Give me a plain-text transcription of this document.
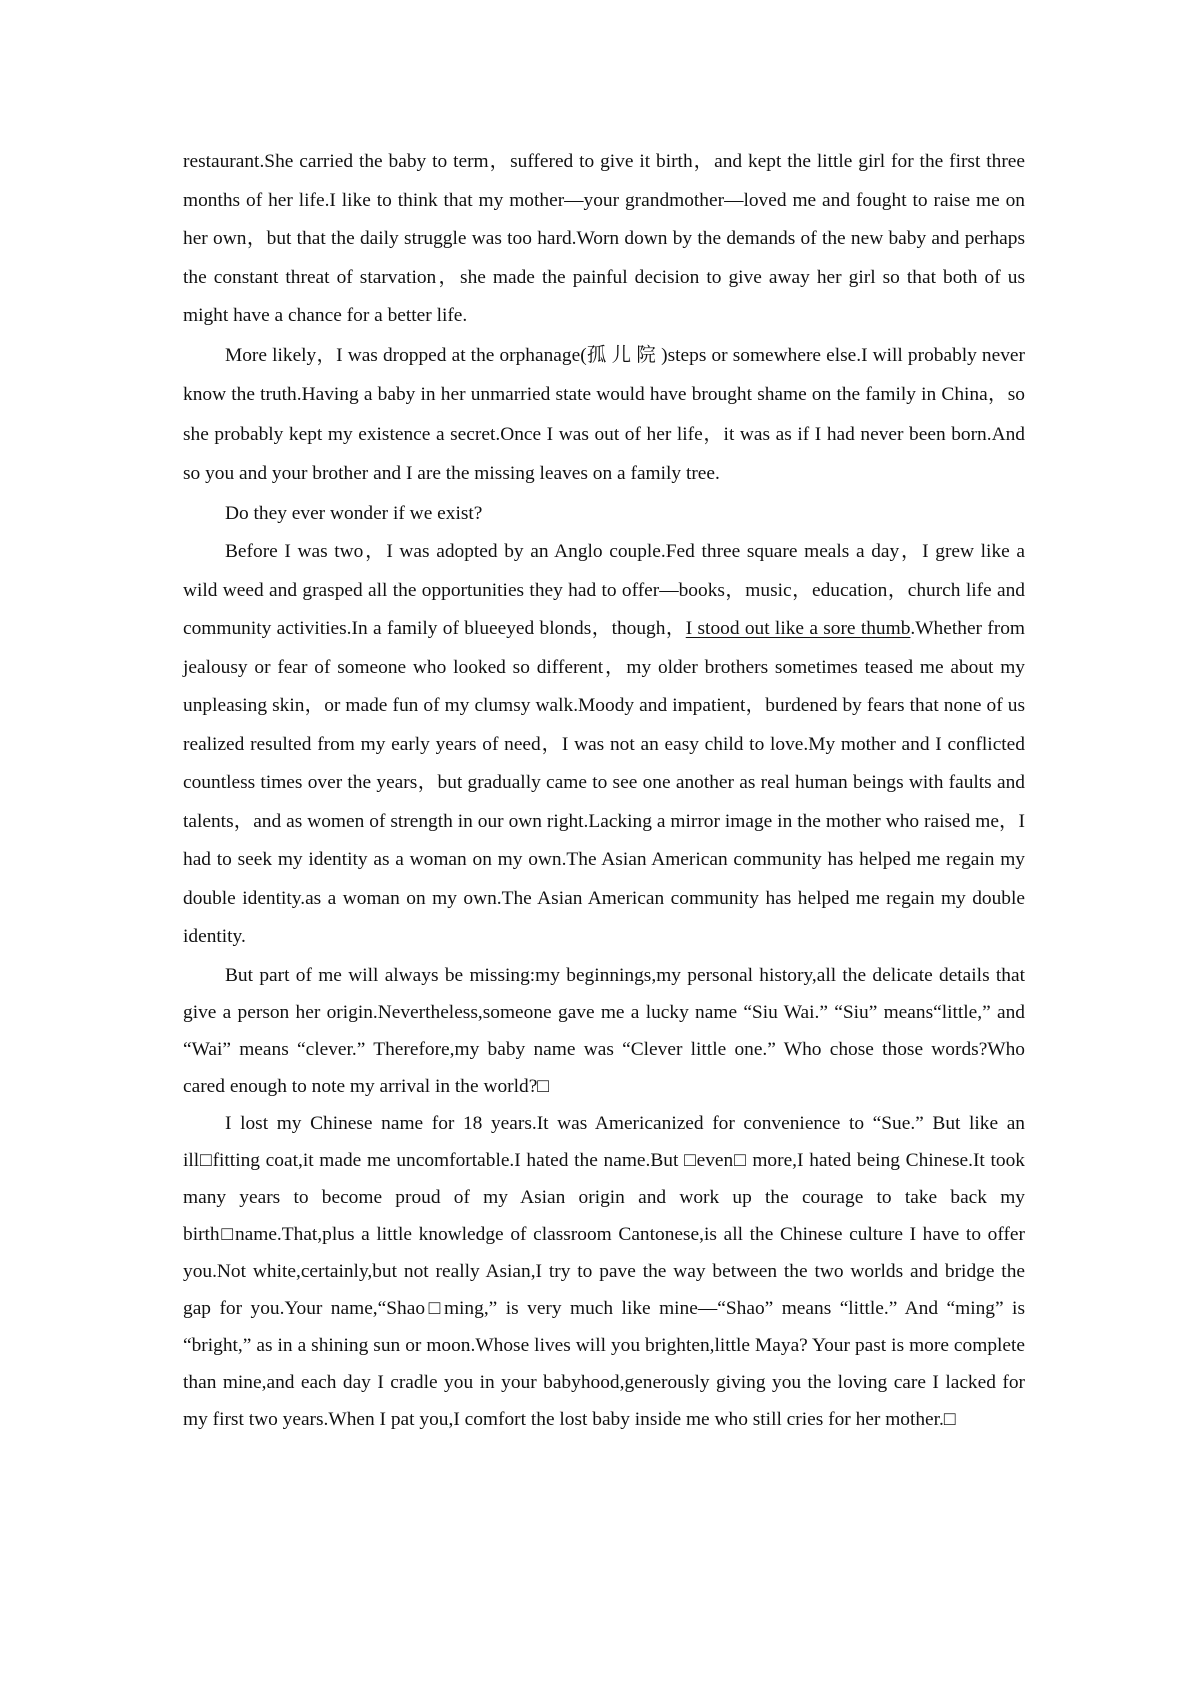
restaurant.She carried the baby to term，suffered to give it birth，and kept the little girl for the first three months of her life.I like to think that my mother—your grandmother—loved me and fought to raise me on her own，but that the daily struggle was too hard.Worn down by the demands of the new baby and perhaps the constant threat of starvation，she made the painful decision to give away her girl so that both of us might have a chance for a better life.

More likely，I was dropped at the orphanage(孤 儿 院 )steps or somewhere else.I will probably never know the truth.Having a baby in her unmarried state would have brought shame on the family in China，so she probably kept my existence a secret.Once I was out of her life，it was as if I had never been born.And so you and your brother and I are the missing leaves on a family tree.

Do they ever wonder if we exist?

Before I was two，I was adopted by an Anglo couple.Fed three square meals a day，I grew like a wild weed and grasped all the opportunities they had to offer—books，music，education，church life and community activities.In a family of blueeyed blonds，though，I stood out like a sore thumb.Whether from jealousy or fear of someone who looked so different，my older brothers sometimes teased me about my unpleasing skin，or made fun of my clumsy walk.Moody and impatient，burdened by fears that none of us realized resulted from my early years of need，I was not an easy child to love.My mother and I conflicted countless times over the years，but gradually came to see one another as real human beings with faults and talents，and as women of strength in our own right.Lacking a mirror image in the mother who raised me，I had to seek my identity as a woman on my own.The Asian American community has helped me regain my double identity.as a woman on my own.The Asian American community has helped me regain my double identity.

But part of me will always be missing:my beginnings,my personal history,all the delicate details that give a person her origin.Nevertheless,someone gave me a lucky name “Siu Wai.” “Siu” means“little,” and “Wai” means “clever.” Therefore,my baby name was “Clever little one.” Who chose those words?Who cared enough to note my arrival in the world?□

I lost my Chinese name for 18 years.It was Americanized for convenience to “Sue.” But like an ill□fitting coat,it made me uncomfortable.I hated the name.But □even□ more,I hated being Chinese.It took many years to become proud of my Asian origin and work up the courage to take back my birth□name.That,plus a little knowledge of classroom Cantonese,is all the Chinese culture I have to offer you.Not white,certainly,but not really Asian,I try to pave the way between the two worlds and bridge the gap for you.Your name,“Shao□ming,” is very much like mine—“Shao” means “little.” And “ming” is “bright,” as in a shining sun or moon.Whose lives will you brighten,little Maya? Your past is more complete than mine,and each day I cradle you in your babyhood,generously giving you the loving care I lacked for my first two years.When I pat you,I comfort the lost baby inside me who still cries for her mother.□
